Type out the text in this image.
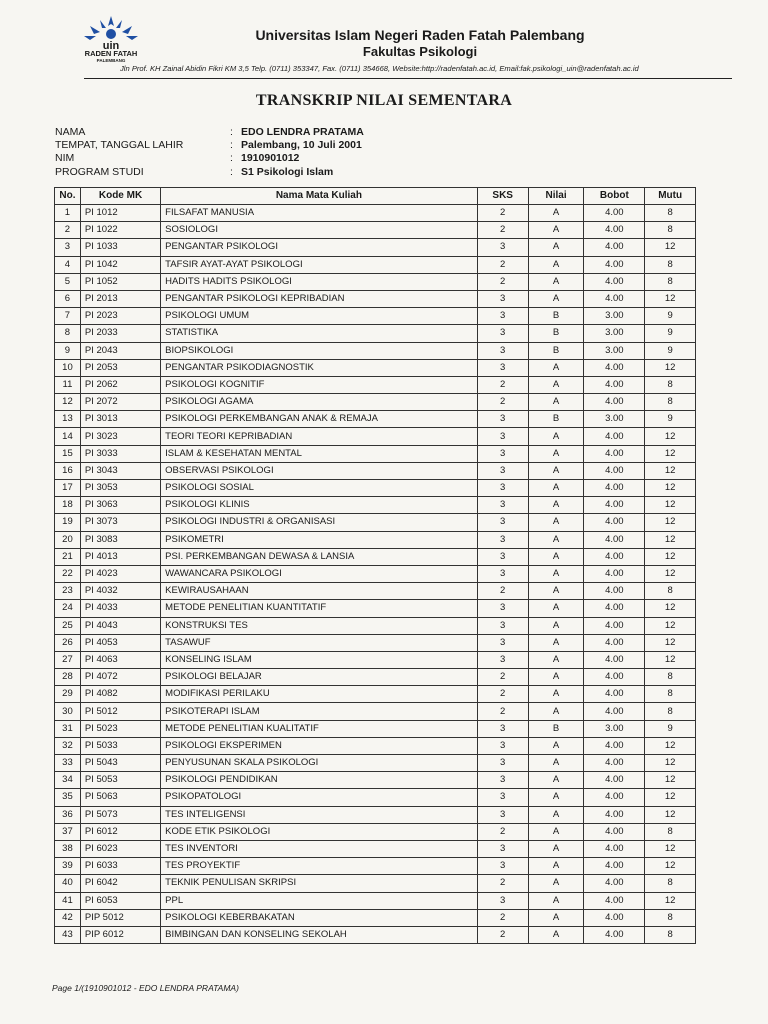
uin
RADEN FATAH
PALEMBANG
Universitas Islam Negeri Raden Fatah Palembang
Fakultas Psikologi
Jln Prof. KH Zainal Abidin Fikri KM 3,5 Telp. (0711) 353347, Fax. (0711) 354668, Website:http://radenfatah.ac.id, Email:fak.psikologi_uin@radenfatah.ac.id
TRANSKRIP NILAI SEMENTARA
NAMA	: EDO LENDRA PRATAMA
TEMPAT, TANGGAL LAHIR	: Palembang, 10 Juli 2001
NIM	: 1910901012
PROGRAM STUDI	: S1 Psikologi Islam
No.	Kode MK	Nama Mata Kuliah	SKS	Nilai	Bobot	Mutu
1	PI 1012	FILSAFAT MANUSIA	2	A	4.00	8
2	PI 1022	SOSIOLOGI	2	A	4.00	8
3	PI 1033	PENGANTAR PSIKOLOGI	3	A	4.00	12
4	PI 1042	TAFSIR AYAT-AYAT PSIKOLOGI	2	A	4.00	8
5	PI 1052	HADITS HADITS PSIKOLOGI	2	A	4.00	8
6	PI 2013	PENGANTAR PSIKOLOGI KEPRIBADIAN	3	A	4.00	12
7	PI 2023	PSIKOLOGI UMUM	3	B	3.00	9
8	PI 2033	STATISTIKA	3	B	3.00	9
9	PI 2043	BIOPSIKOLOGI	3	B	3.00	9
10	PI 2053	PENGANTAR PSIKODIAGNOSTIK	3	A	4.00	12
11	PI 2062	PSIKOLOGI KOGNITIF	2	A	4.00	8
12	PI 2072	PSIKOLOGI AGAMA	2	A	4.00	8
13	PI 3013	PSIKOLOGI PERKEMBANGAN ANAK & REMAJA	3	B	3.00	9
14	PI 3023	TEORI TEORI KEPRIBADIAN	3	A	4.00	12
15	PI 3033	ISLAM & KESEHATAN MENTAL	3	A	4.00	12
16	PI 3043	OBSERVASI PSIKOLOGI	3	A	4.00	12
17	PI 3053	PSIKOLOGI SOSIAL	3	A	4.00	12
18	PI 3063	PSIKOLOGI KLINIS	3	A	4.00	12
19	PI 3073	PSIKOLOGI INDUSTRI & ORGANISASI	3	A	4.00	12
20	PI 3083	PSIKOMETRI	3	A	4.00	12
21	PI 4013	PSI. PERKEMBANGAN DEWASA & LANSIA	3	A	4.00	12
22	PI 4023	WAWANCARA PSIKOLOGI	3	A	4.00	12
23	PI 4032	KEWIRAUSAHAAN	2	A	4.00	8
24	PI 4033	METODE PENELITIAN KUANTITATIF	3	A	4.00	12
25	PI 4043	KONSTRUKSI TES	3	A	4.00	12
26	PI 4053	TASAWUF	3	A	4.00	12
27	PI 4063	KONSELING ISLAM	3	A	4.00	12
28	PI 4072	PSIKOLOGI BELAJAR	2	A	4.00	8
29	PI 4082	MODIFIKASI PERILAKU	2	A	4.00	8
30	PI 5012	PSIKOTERAPI ISLAM	2	A	4.00	8
31	PI 5023	METODE PENELITIAN KUALITATIF	3	B	3.00	9
32	PI 5033	PSIKOLOGI EKSPERIMEN	3	A	4.00	12
33	PI 5043	PENYUSUNAN SKALA PSIKOLOGI	3	A	4.00	12
34	PI 5053	PSIKOLOGI PENDIDIKAN	3	A	4.00	12
35	PI 5063	PSIKOPATOLOGI	3	A	4.00	12
36	PI 5073	TES INTELIGENSI	3	A	4.00	12
37	PI 6012	KODE ETIK PSIKOLOGI	2	A	4.00	8
38	PI 6023	TES INVENTORI	3	A	4.00	12
39	PI 6033	TES PROYEKTIF	3	A	4.00	12
40	PI 6042	TEKNIK PENULISAN SKRIPSI	2	A	4.00	8
41	PI 6053	PPL	3	A	4.00	12
42	PIP 5012	PSIKOLOGI KEBERBAKATAN	2	A	4.00	8
43	PIP 6012	BIMBINGAN DAN KONSELING SEKOLAH	2	A	4.00	8
Page 1/(1910901012 - EDO LENDRA PRATAMA)
